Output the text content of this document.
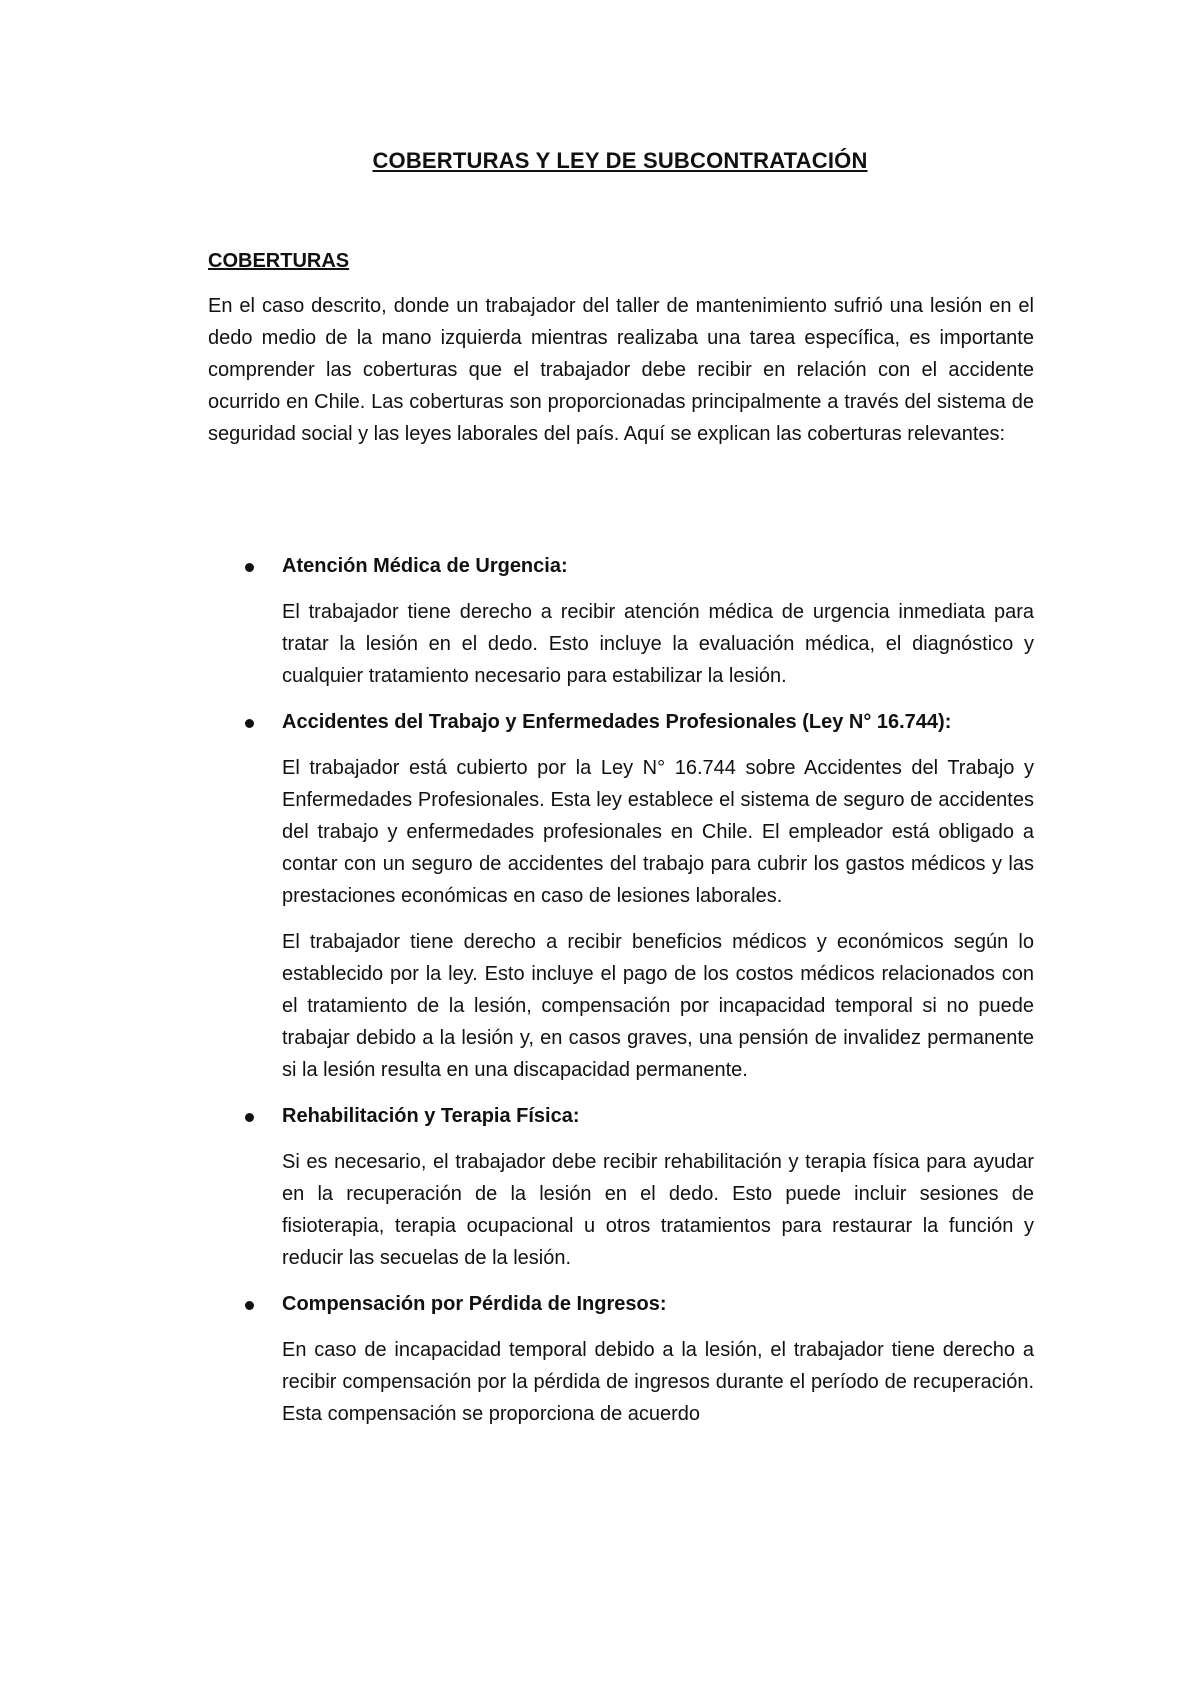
COBERTURAS Y LEY DE SUBCONTRATACIÓN
COBERTURAS

En el caso descrito, donde un trabajador del taller de mantenimiento sufrió una lesión en el dedo medio de la mano izquierda mientras realizaba una tarea específica, es importante comprender las coberturas que el trabajador debe recibir en relación con el accidente ocurrido en Chile. Las coberturas son proporcionadas principalmente a través del sistema de seguridad social y las leyes laborales del país. Aquí se explican las coberturas relevantes:

Atención Médica de Urgencia:

El trabajador tiene derecho a recibir atención médica de urgencia inmediata para tratar la lesión en el dedo. Esto incluye la evaluación médica, el diagnóstico y cualquier tratamiento necesario para estabilizar la lesión.

Accidentes del Trabajo y Enfermedades Profesionales (Ley N° 16.744):

El trabajador está cubierto por la Ley N° 16.744 sobre Accidentes del Trabajo y Enfermedades Profesionales. Esta ley establece el sistema de seguro de accidentes del trabajo y enfermedades profesionales en Chile. El empleador está obligado a contar con un seguro de accidentes del trabajo para cubrir los gastos médicos y las prestaciones económicas en caso de lesiones laborales.

El trabajador tiene derecho a recibir beneficios médicos y económicos según lo establecido por la ley. Esto incluye el pago de los costos médicos relacionados con el tratamiento de la lesión, compensación por incapacidad temporal si no puede trabajar debido a la lesión y, en casos graves, una pensión de invalidez permanente si la lesión resulta en una discapacidad permanente.

Rehabilitación y Terapia Física:

Si es necesario, el trabajador debe recibir rehabilitación y terapia física para ayudar en la recuperación de la lesión en el dedo. Esto puede incluir sesiones de fisioterapia, terapia ocupacional u otros tratamientos para restaurar la función y reducir las secuelas de la lesión.

Compensación por Pérdida de Ingresos:

En caso de incapacidad temporal debido a la lesión, el trabajador tiene derecho a recibir compensación por la pérdida de ingresos durante el período de recuperación. Esta compensación se proporciona de acuerdo
